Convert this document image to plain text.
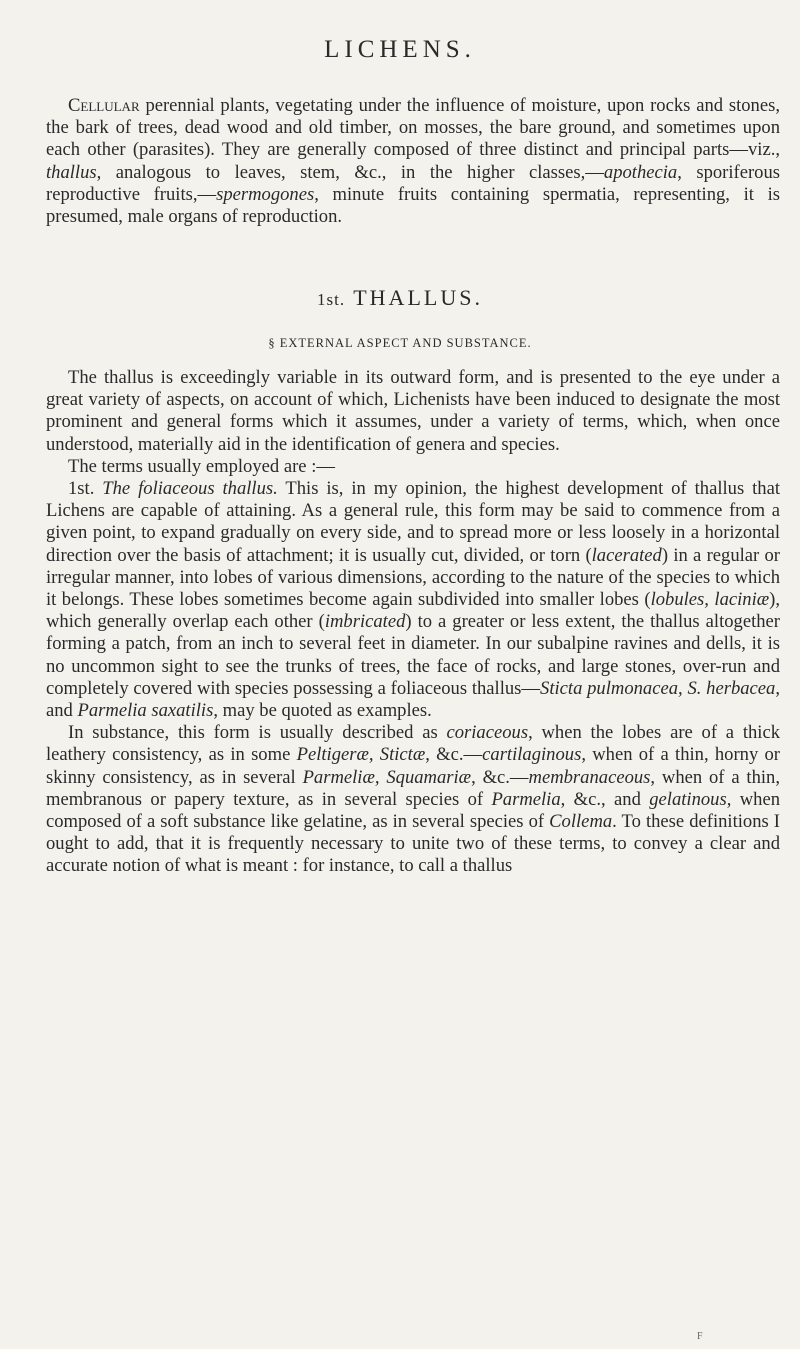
LICHENS.

Cellular perennial plants, vegetating under the influence of moisture, upon rocks and stones, the bark of trees, dead wood and old timber, on mosses, the bare ground, and sometimes upon each other (parasites). They are generally composed of three distinct and principal parts—viz., thallus, analogous to leaves, stem, &c., in the higher classes,—apothecia, sporiferous reproductive fruits,—spermogones, minute fruits containing spermatia, representing, it is presumed, male organs of reproduction.

1st. THALLUS.

§ EXTERNAL ASPECT AND SUBSTANCE.

The thallus is exceedingly variable in its outward form, and is presented to the eye under a great variety of aspects, on account of which, Lichenists have been induced to designate the most prominent and general forms which it assumes, under a variety of terms, which, when once understood, materially aid in the identification of genera and species.

The terms usually employed are :—

1st. The foliaceous thallus. This is, in my opinion, the highest development of thallus that Lichens are capable of attaining. As a general rule, this form may be said to commence from a given point, to expand gradually on every side, and to spread more or less loosely in a horizontal direction over the basis of attachment; it is usually cut, divided, or torn (lacerated) in a regular or irregular manner, into lobes of various dimensions, according to the nature of the species to which it belongs. These lobes sometimes become again subdivided into smaller lobes (lobules, laciniæ), which generally overlap each other (imbricated) to a greater or less extent, the thallus altogether forming a patch, from an inch to several feet in diameter. In our subalpine ravines and dells, it is no uncommon sight to see the trunks of trees, the face of rocks, and large stones, over-run and completely covered with species possessing a foliaceous thallus—Sticta pulmonacea, S. herbacea, and Parmelia saxatilis, may be quoted as examples.

In substance, this form is usually described as coriaceous, when the lobes are of a thick leathery consistency, as in some Peltigeræ, Stictæ, &c.—cartilaginous, when of a thin, horny or skinny consistency, as in several Parmeliæ, Squamariæ, &c.—membranaceous, when of a thin, membranous or papery texture, as in several species of Parmelia, &c., and gelatinous, when composed of a soft substance like gelatine, as in several species of Collema. To these definitions I ought to add, that it is frequently necessary to unite two of these terms, to convey a clear and accurate notion of what is meant : for instance, to call a thallus

F
